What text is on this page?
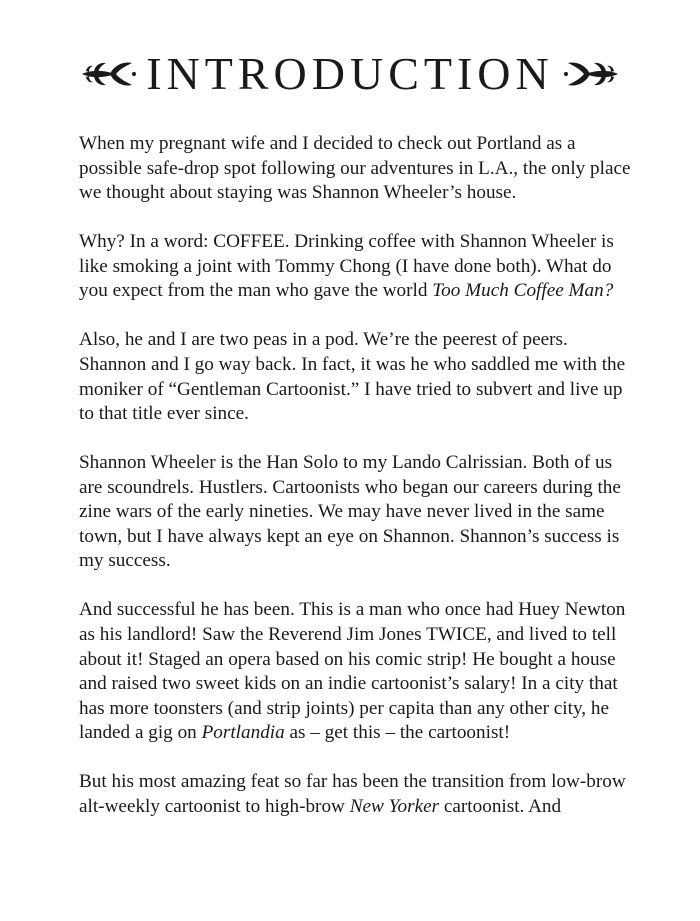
INTRODUCTION

When my pregnant wife and I decided to check out Portland as a possible safe-drop spot following our adventures in L.A., the only place we thought about staying was Shannon Wheeler’s house.

Why? In a word: COFFEE. Drinking coffee with Shannon Wheeler is like smoking a joint with Tommy Chong (I have done both). What do you expect from the man who gave the world Too Much Coffee Man?

Also, he and I are two peas in a pod. We’re the peerest of peers. Shannon and I go way back. In fact, it was he who saddled me with the moniker of “Gentleman Cartoonist.” I have tried to subvert and live up to that title ever since.

Shannon Wheeler is the Han Solo to my Lando Calrissian. Both of us are scoundrels. Hustlers. Cartoonists who began our careers during the zine wars of the early nineties. We may have never lived in the same town, but I have always kept an eye on Shannon. Shannon’s success is my success.

And successful he has been. This is a man who once had Huey Newton as his landlord! Saw the Reverend Jim Jones TWICE, and lived to tell about it! Staged an opera based on his comic strip! He bought a house and raised two sweet kids on an indie cartoonist’s salary! In a city that has more toonsters (and strip joints) per capita than any other city, he landed a gig on Portlandia as – get this – the cartoonist!

But his most amazing feat so far has been the transition from low-brow alt-weekly cartoonist to high-brow New Yorker cartoonist. And
